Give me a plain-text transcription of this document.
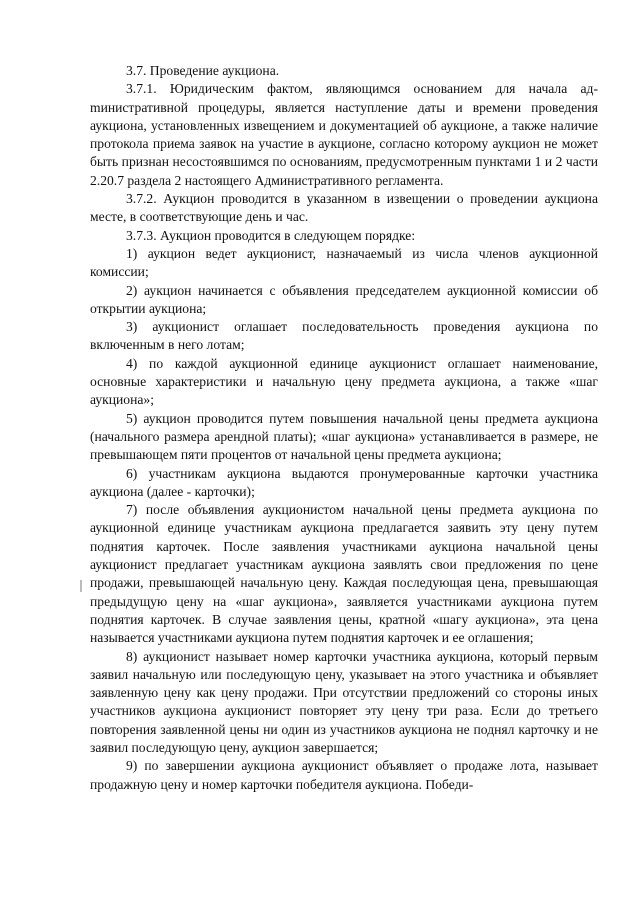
3.7. Проведение аукциона.

3.7.1. Юридическим фактом, являющимся основанием для начала адmинистративной процедуры, является наступление даты и времени проведения аукциона, установленных извещением и документацией об аукционе, а также наличие протокола приема заявок на участие в аукционе, согласно которому аукцион не может быть признан несостоявшимся по основаниям, предусмотренным пунктами 1 и 2 части 2.20.7 раздела 2 настоящего Административного регламента.

3.7.2. Аукцион проводится в указанном в извещении о проведении аукциона месте, в соответствующие день и час.

3.7.3. Аукцион проводится в следующем порядке:

1) аукцион ведет аукционист, назначаемый из числа членов аукционной комиссии;

2) аукцион начинается с объявления председателем аукционной комиссии об открытии аукциона;

3) аукционист оглашает последовательность проведения аукциона по включенным в него лотам;

4) по каждой аукционной единице аукционист оглашает наименование, основные характеристики и начальную цену предмета аукциона, а также «шаг аукциона»;

5) аукцион проводится путем повышения начальной цены предмета аукциона (начального размера арендной платы); «шаг аукциона» устанавливается в размере, не превышающем пяти процентов от начальной цены предмета аукциона;

6) участникам аукциона выдаются пронумерованные карточки участника аукциона (далее - карточки);

7) после объявления аукционистом начальной цены предмета аукциона по аукционной единице участникам аукциона предлагается заявить эту цену путем поднятия карточек. После заявления участниками аукциона начальной цены аукционист предлагает участникам аукциона заявлять свои предложения по цене продажи, превышающей начальную цену. Каждая последующая цена, превышающая предыдущую цену на «шаг аукциона», заявляется участниками аукциона путем поднятия карточек. В случае заявления цены, кратной «шагу аукциона», эта цена называется участниками аукциона путем поднятия карточек и ее оглашения;

8) аукционист называет номер карточки участника аукциона, который первым заявил начальную или последующую цену, указывает на этого участника и объявляет заявленную цену как цену продажи. При отсутствии предложений со стороны иных участников аукциона аукционист повторяет эту цену три раза. Если до третьего повторения заявленной цены ни один из участников аукциона не поднял карточку и не заявил последующую цену, аукцион завершается;

9) по завершении аукциона аукционист объявляет о продаже лота, называет продажную цену и номер карточки победителя аукциона. Победи-
